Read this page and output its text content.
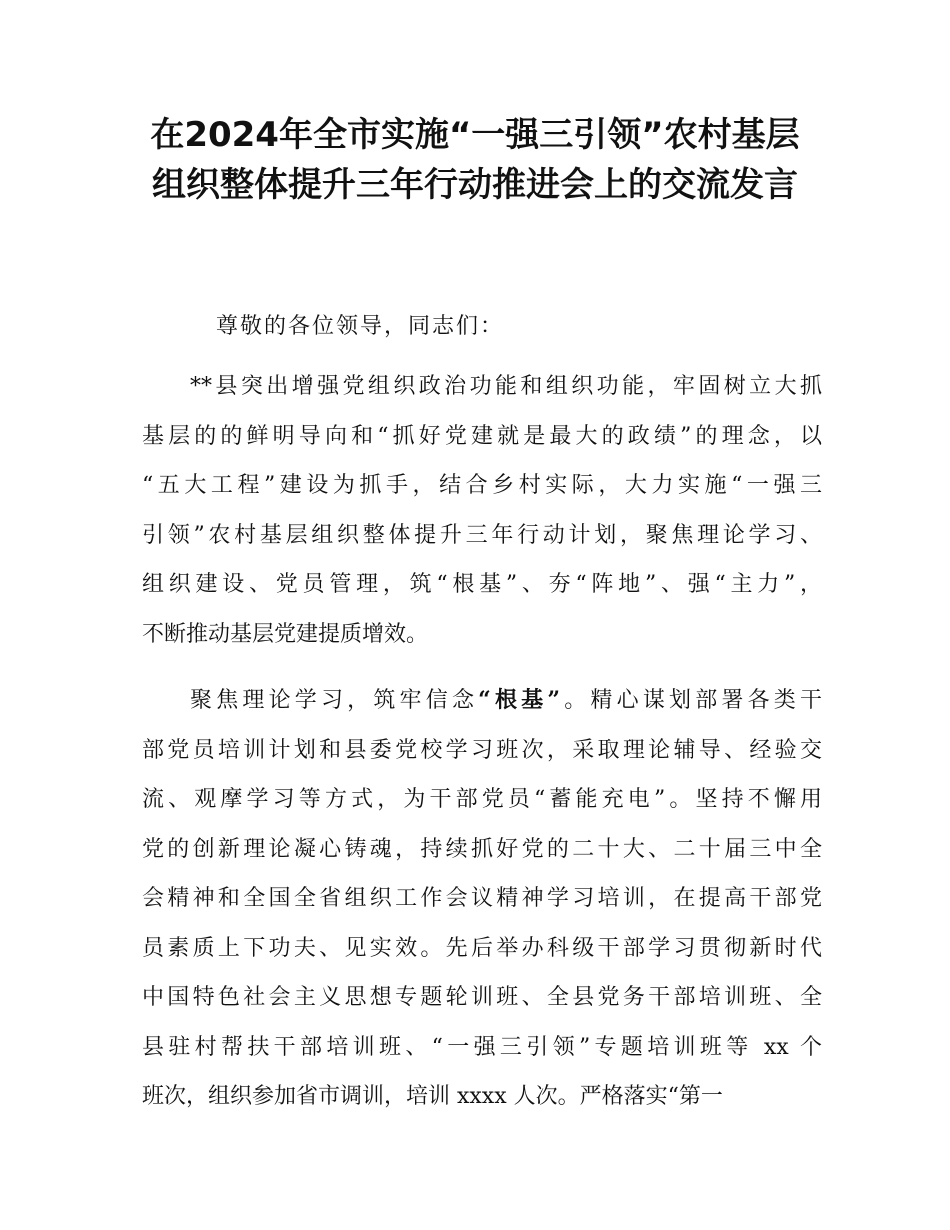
在2024年全市实施“一强三引领”农村基层
组织整体提升三年行动推进会上的交流发言
尊敬的各位领导，同志们：

**县突出增强党组织政治功能和组织功能，牢固树立大抓
基层的的鲜明导向和“抓好党建就是最大的政绩”的理念，以
“五大工程”建设为抓手，结合乡村实际，大力实施“一强三
引领”农村基层组织整体提升三年行动计划，聚焦理论学习、
组织建设、党员管理，筑“根基”、夯“阵地”、强“主力”，
不断推动基层党建提质增效。

聚焦理论学习，筑牢信念“根基”。精心谋划部署各类干
部党员培训计划和县委党校学习班次，采取理论辅导、经验交
流、观摩学习等方式，为干部党员“蓄能充电”。坚持不懈用
党的创新理论凝心铸魂，持续抓好党的二十大、二十届三中全
会精神和全国全省组织工作会议精神学习培训，在提高干部党
员素质上下功夫、见实效。先后举办科级干部学习贯彻新时代
中国特色社会主义思想专题轮训班、全县党务干部培训班、全
县驻村帮扶干部培训班、“一强三引领”专题培训班等 xx 个
班次，组织参加省市调训，培训 xxxx 人次。严格落实“第一
